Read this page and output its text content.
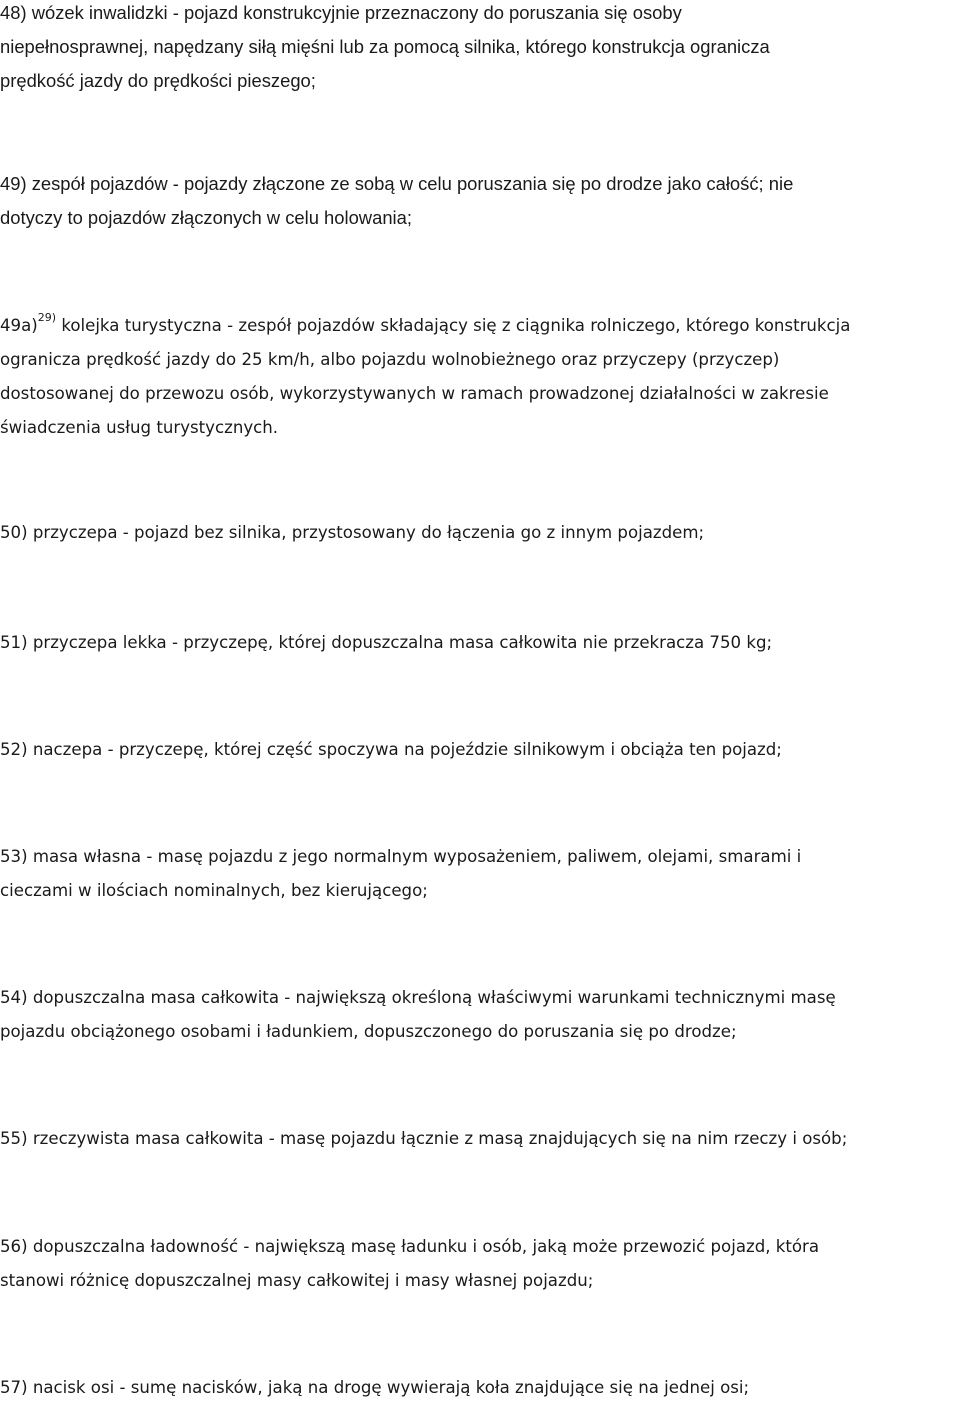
48) wózek inwalidzki - pojazd konstrukcyjnie przeznaczony do poruszania się osoby
niepełnosprawnej, napędzany siłą mięśni lub za pomocą silnika, którego konstrukcja ogranicza
prędkość jazdy do prędkości pieszego;

49) zespół pojazdów - pojazdy złączone ze sobą w celu poruszania się po drodze jako całość; nie
dotyczy to pojazdów złączonych w celu holowania;

49a)$^{29)}$ kolejka turystyczna - zespół pojazdów składający się z ciągnika rolniczego, którego konstrukcja
ogranicza prędkość jazdy do 25 km/h, albo pojazdu wolnobieżnego oraz przyczepy (przyczep)
dostosowanej do przewozu osób, wykorzystywanych w ramach prowadzonej działalności w zakresie
świadczenia usług turystycznych.

50) przyczepa - pojazd bez silnika, przystosowany do łączenia go z innym pojazdem;

51) przyczepa lekka - przyczepę, której dopuszczalna masa całkowita nie przekracza 750 kg;

52) naczepa - przyczepę, której część spoczywa na pojeździe silnikowym i obciąża ten pojazd;

53) masa własna - masę pojazdu z jego normalnym wyposażeniem, paliwem, olejami, smarami i
cieczami w ilościach nominalnych, bez kierującego;

54) dopuszczalna masa całkowita - największą określoną właściwymi warunkami technicznymi masę
pojazdu obciążonego osobami i ładunkiem, dopuszczonego do poruszania się po drodze;

55) rzeczywista masa całkowita - masę pojazdu łącznie z masą znajdujących się na nim rzeczy i osób;

56) dopuszczalna ładowność - największą masę ładunku i osób, jaką może przewozić pojazd, która
stanowi różnicę dopuszczalnej masy całkowitej i masy własnej pojazdu;

57) nacisk osi - sumę nacisków, jaką na drogę wywierają koła znajdujące się na jednej osi;
